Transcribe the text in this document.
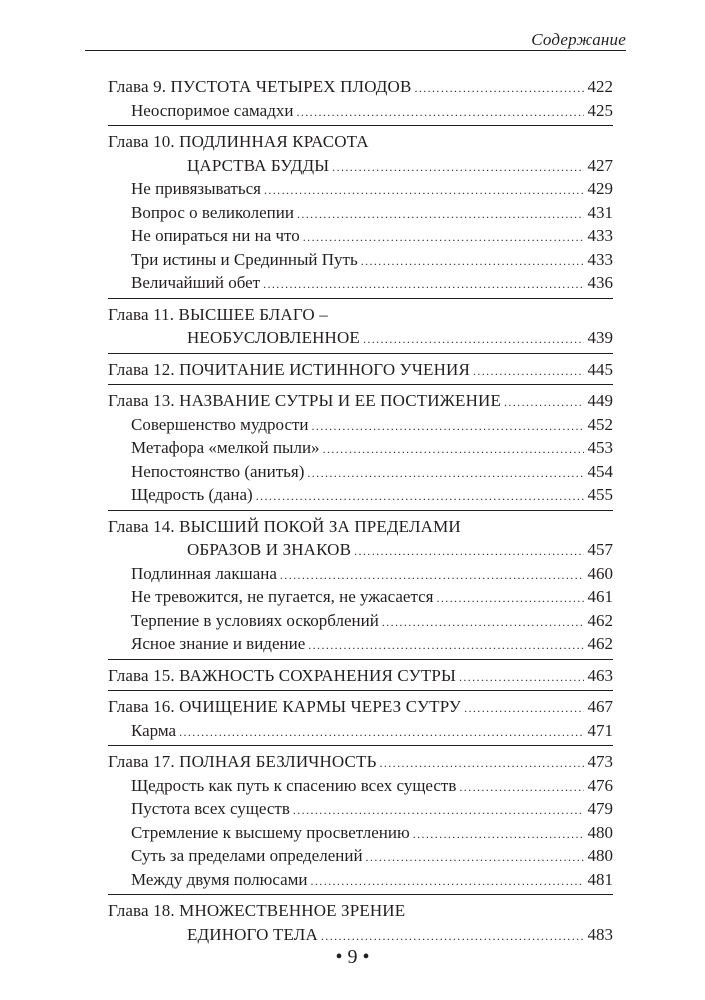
Содержание
Глава 9. ПУСТОТА ЧЕТЫРЕХ ПЛОДОВ .....	422
Неоспоримое самадхи .....	425
Глава 10. ПОДЛИННАЯ КРАСОТА
ЦАРСТВА БУДДЫ .....	427
Не привязываться .....	429
Вопрос о великолепии .....	431
Не опираться ни на что .....	433
Три истины и Срединный Путь .....	433
Величайший обет .....	436
Глава 11. ВЫСШЕЕ БЛАГО –
НЕОБУСЛОВЛЕННОЕ .....	439
Глава 12. ПОЧИТАНИЕ ИСТИННОГО УЧЕНИЯ .....	445
Глава 13. НАЗВАНИЕ СУТРЫ И ЕЕ ПОСТИЖЕНИЕ .....	449
Совершенство мудрости .....	452
Метафора «мелкой пыли» .....	453
Непостоянство (анитья) .....	454
Щедрость (дана) .....	455
Глава 14. ВЫСШИЙ ПОКОЙ ЗА ПРЕДЕЛАМИ
ОБРАЗОВ И ЗНАКОВ .....	457
Подлинная лакшана .....	460
Не тревожится, не пугается, не ужасается .....	461
Терпение в условиях оскорблений .....	462
Ясное знание и видение .....	462
Глава 15. ВАЖНОСТЬ СОХРАНЕНИЯ СУТРЫ .....	463
Глава 16. ОЧИЩЕНИЕ КАРМЫ ЧЕРЕЗ СУТРУ .....	467
Карма .....	471
Глава 17. ПОЛНАЯ БЕЗЛИЧНОСТЬ .....	473
Щедрость как путь к спасению всех существ .....	476
Пустота всех существ .....	479
Стремление к высшему просветлению .....	480
Суть за пределами определений .....	480
Между двумя полюсами .....	481
Глава 18. МНОЖЕСТВЕННОЕ ЗРЕНИЕ
ЕДИНОГО ТЕЛА .....	483
• 9 •
